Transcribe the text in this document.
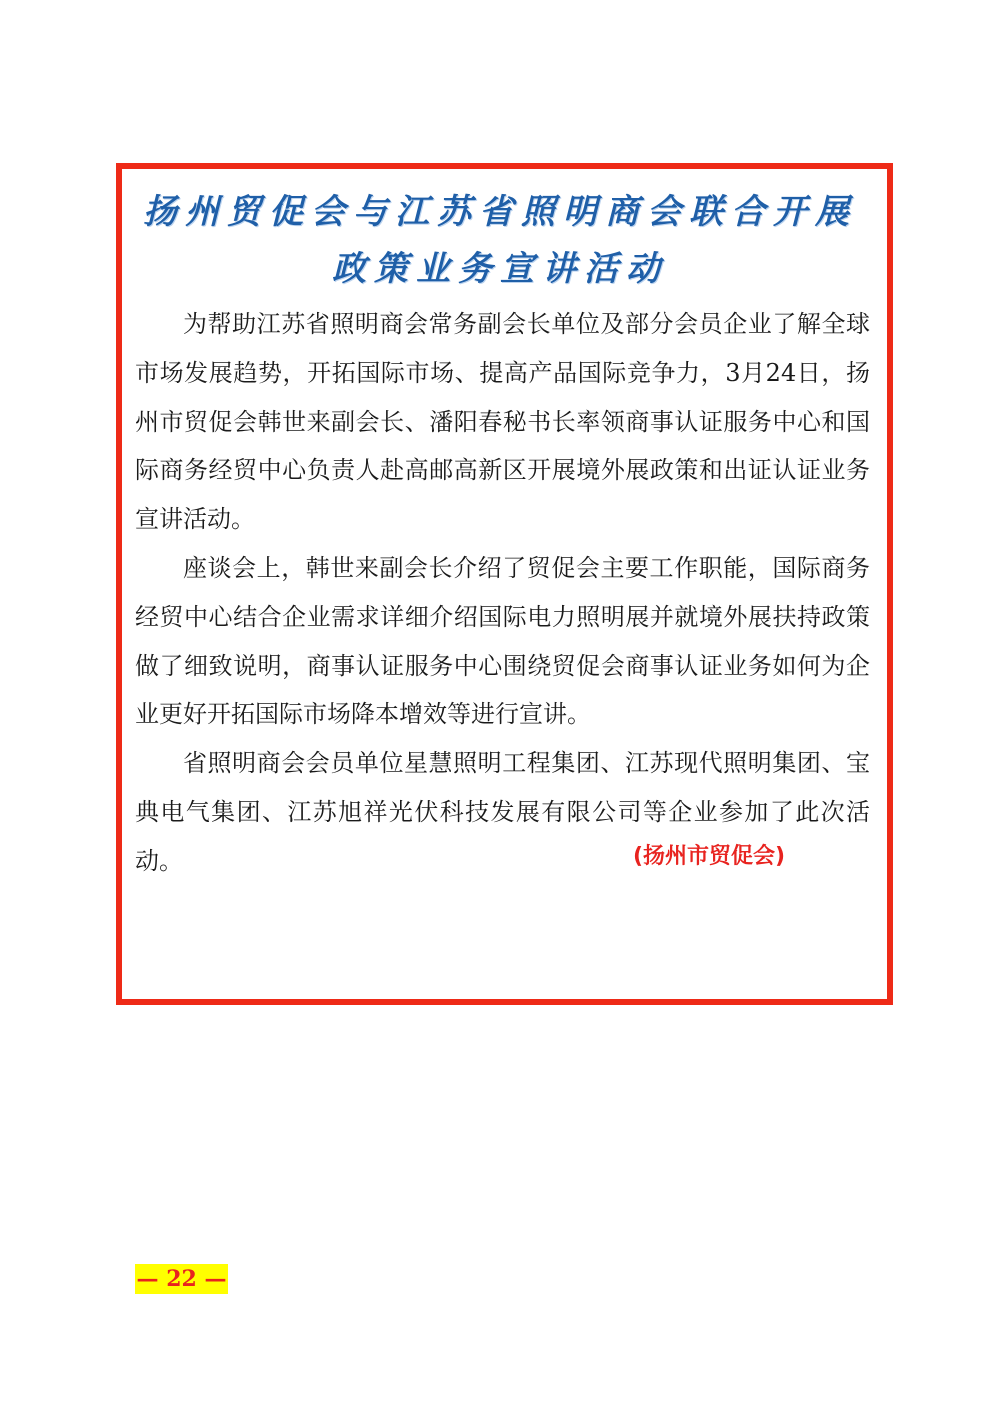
扬州贸促会与江苏省照明商会联合开展
政策业务宣讲活动

为帮助江苏省照明商会常务副会长单位及部分会员企业了解全球市场发展趋势，开拓国际市场、提高产品国际竞争力，3月24日，扬州市贸促会韩世来副会长、潘阳春秘书长率领商事认证服务中心和国际商务经贸中心负责人赴高邮高新区开展境外展政策和出证认证业务宣讲活动。

座谈会上，韩世来副会长介绍了贸促会主要工作职能，国际商务经贸中心结合企业需求详细介绍国际电力照明展并就境外展扶持政策做了细致说明，商事认证服务中心围绕贸促会商事认证业务如何为企业更好开拓国际市场降本增效等进行宣讲。

省照明商会会员单位星慧照明工程集团、江苏现代照明集团、宝典电气集团、江苏旭祥光伏科技发展有限公司等企业参加了此次活动。	(扬州市贸促会)
— 22 —
